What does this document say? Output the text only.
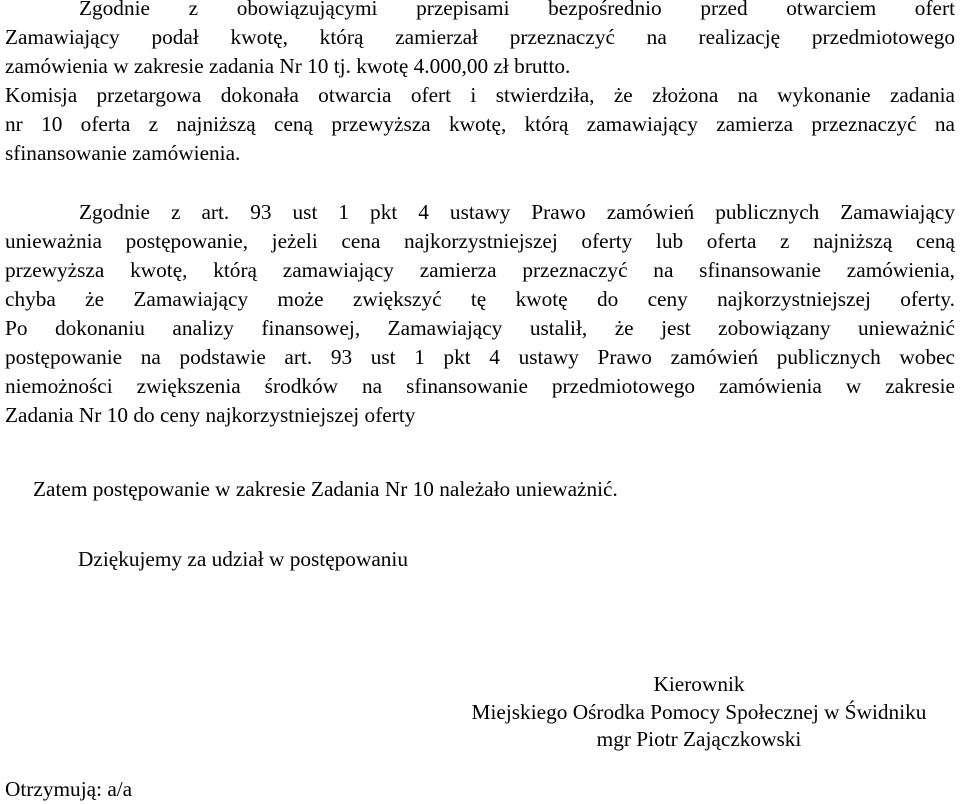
Zgodnie z obowiązującymi przepisami bezpośrednio przed otwarciem ofert
Zamawiający podał kwotę, którą zamierzał przeznaczyć na realizację przedmiotowego
zamówienia w zakresie zadania Nr 10 tj. kwotę 4.000,00 zł brutto.
Komisja przetargowa dokonała otwarcia ofert i stwierdziła, że złożona na wykonanie zadania
nr 10 oferta z najniższą ceną przewyższa kwotę, którą zamawiający zamierza przeznaczyć na
sfinansowanie zamówienia.
Zgodnie z art. 93 ust 1 pkt 4 ustawy Prawo zamówień publicznych Zamawiający
unieważnia postępowanie, jeżeli cena najkorzystniejszej oferty lub oferta z najniższą ceną
przewyższa kwotę, którą zamawiający zamierza przeznaczyć na sfinansowanie zamówienia,
chyba że Zamawiający może zwiększyć tę kwotę do ceny najkorzystniejszej oferty.
Po dokonaniu analizy finansowej, Zamawiający ustalił, że jest zobowiązany unieważnić
postępowanie na podstawie art. 93 ust 1 pkt 4 ustawy Prawo zamówień publicznych wobec
niemożności zwiększenia środków na sfinansowanie przedmiotowego zamówienia w zakresie
Zadania Nr 10 do ceny najkorzystniejszej oferty
Zatem postępowanie w zakresie Zadania Nr 10 należało unieważnić.
Dziękujemy za udział w postępowaniu
Kierownik
Miejskiego Ośrodka Pomocy Społecznej w Świdniku
mgr Piotr Zajączkowski
Otrzymują: a/a
